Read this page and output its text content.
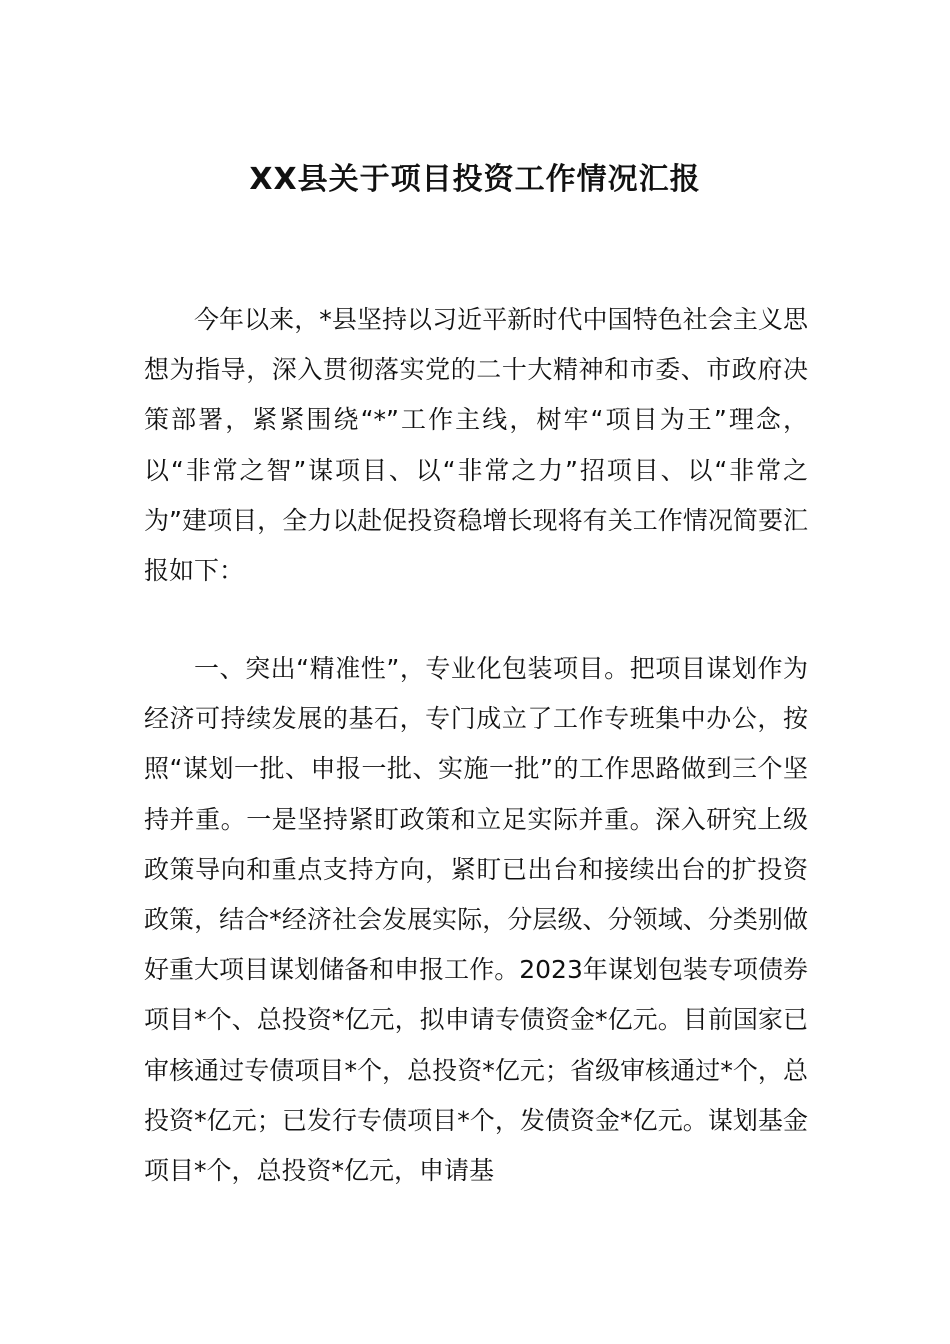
XX县关于项目投资工作情况汇报

今年以来，*县坚持以习近平新时代中国特色社会主义思想为指导，深入贯彻落实党的二十大精神和市委、市政府决策部署，紧紧围绕“*”工作主线，树牢“项目为王”理念，以“非常之智”谋项目、以“非常之力”招项目、以“非常之为”建项目，全力以赴促投资稳增长现将有关工作情况简要汇报如下：

一、突出“精准性”，专业化包装项目。把项目谋划作为经济可持续发展的基石，专门成立了工作专班集中办公，按照“谋划一批、申报一批、实施一批”的工作思路做到三个坚持并重。一是坚持紧盯政策和立足实际并重。深入研究上级政策导向和重点支持方向，紧盯已出台和接续出台的扩投资政策，结合*经济社会发展实际，分层级、分领域、分类别做好重大项目谋划储备和申报工作。2023年谋划包装专项债券项目*个、总投资*亿元，拟申请专债资金*亿元。目前国家已审核通过专债项目*个，总投资*亿元；省级审核通过*个，总投资*亿元；已发行专债项目*个，发债资金*亿元。谋划基金项目*个，总投资*亿元，申请基
